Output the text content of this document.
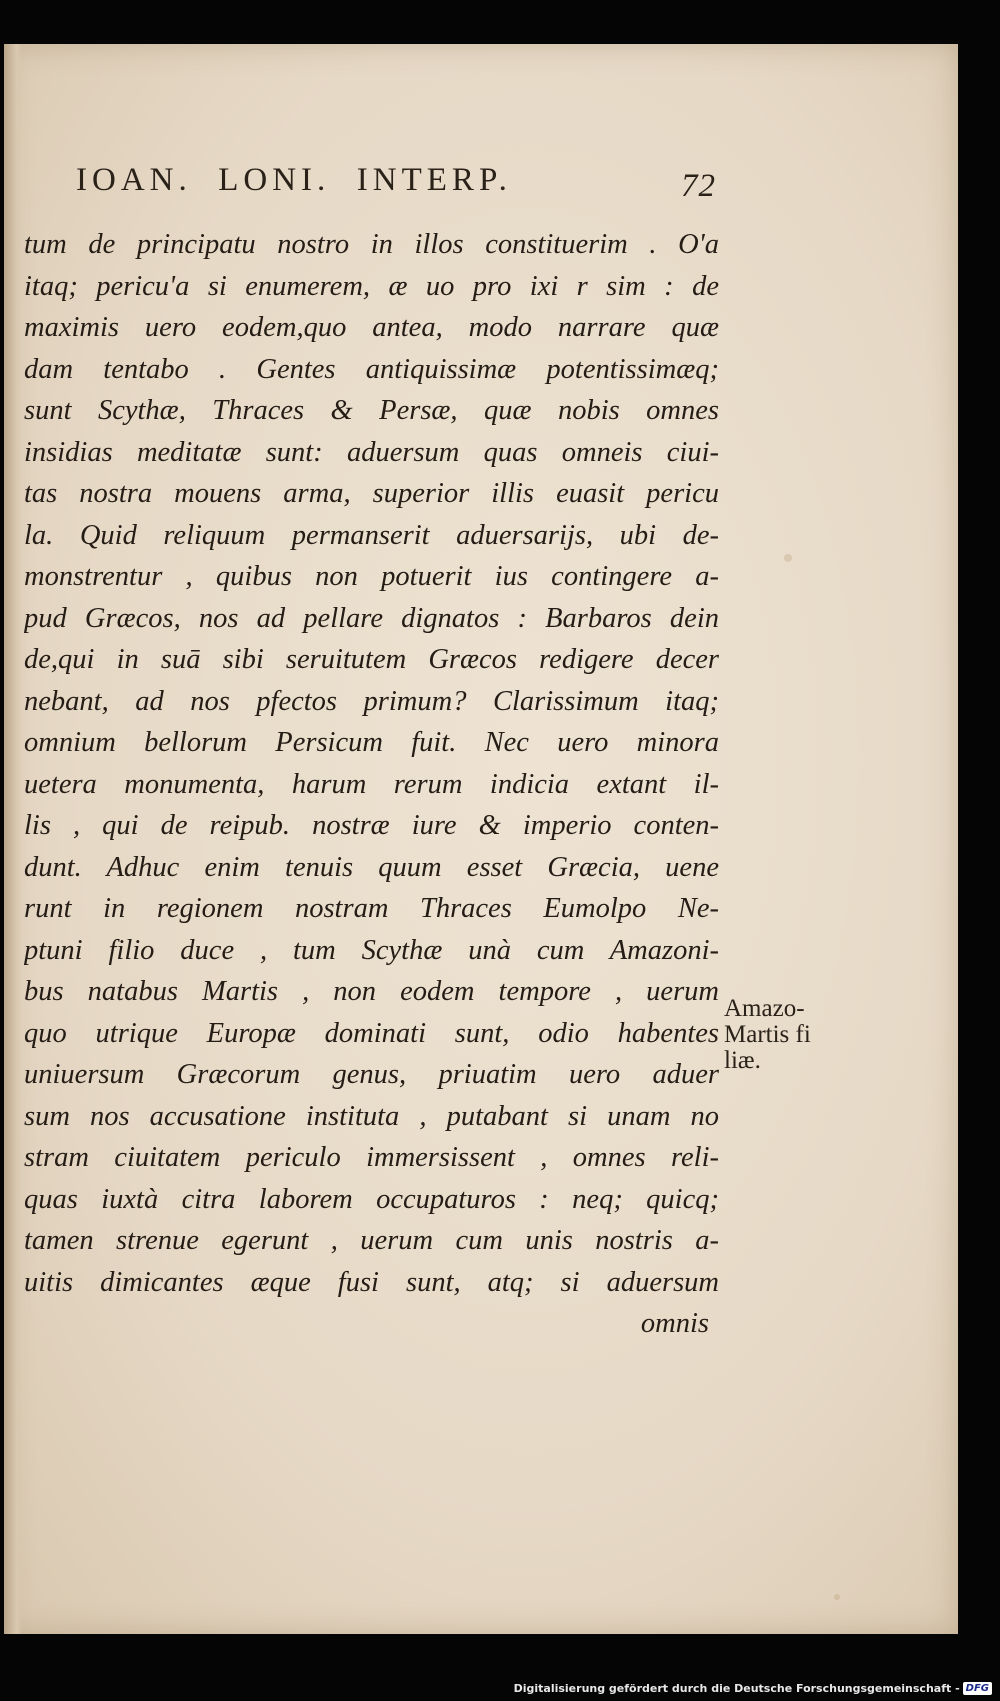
IOAN.  LONI.  INTERP.	72
tum de principatu nostro in illos constituerim . O'a
itaq; pericu'a si enumerem, æ uo pro ixi r sim : de
maximis uero eodem,quo antea, modo narrare quæ
dam tentabo . Gentes antiquissimæ potentissimæq;
sunt Scythæ, Thraces & Persæ, quæ nobis omnes
insidias meditatæ sunt: aduersum quas omneis ciui-
tas nostra mouens arma, superior illis euasit pericu
la. Quid reliquum permanserit aduersarijs, ubi de-
monstrentur , quibus non potuerit ius contingere a-
pud Græcos, nos ad pellare dignatos : Barbaros dein
de,qui in suā sibi seruitutem Græcos redigere decer
nebant, ad nos pfectos primum? Clarissimum itaq;
omnium bellorum Persicum fuit. Nec uero minora
uetera monumenta, harum rerum indicia extant il-
lis , qui de reipub. nostræ iure & imperio conten-
dunt. Adhuc enim tenuis quum esset Græcia, uene
runt in regionem nostram Thraces Eumolpo Ne-
ptuni filio duce , tum Scythæ unà cum Amazoni-
bus natabus Martis , non eodem tempore , uerum
quo utrique Europæ dominati sunt, odio habentes
uniuersum Græcorum genus, priuatim uero aduer
sum nos accusatione instituta , putabant si unam no
stram ciuitatem periculo immersissent , omnes reli-
quas iuxtà citra laborem occupaturos : neq; quicq;
tamen strenue egerunt , uerum cum unis nostris a-
uitis dimicantes æque fusi sunt, atq; si aduersum
omnis
Amazo-
Martis fi
liæ.
Digitalisierung gefördert durch die Deutsche Forschungsgemeinschaft - DFG
